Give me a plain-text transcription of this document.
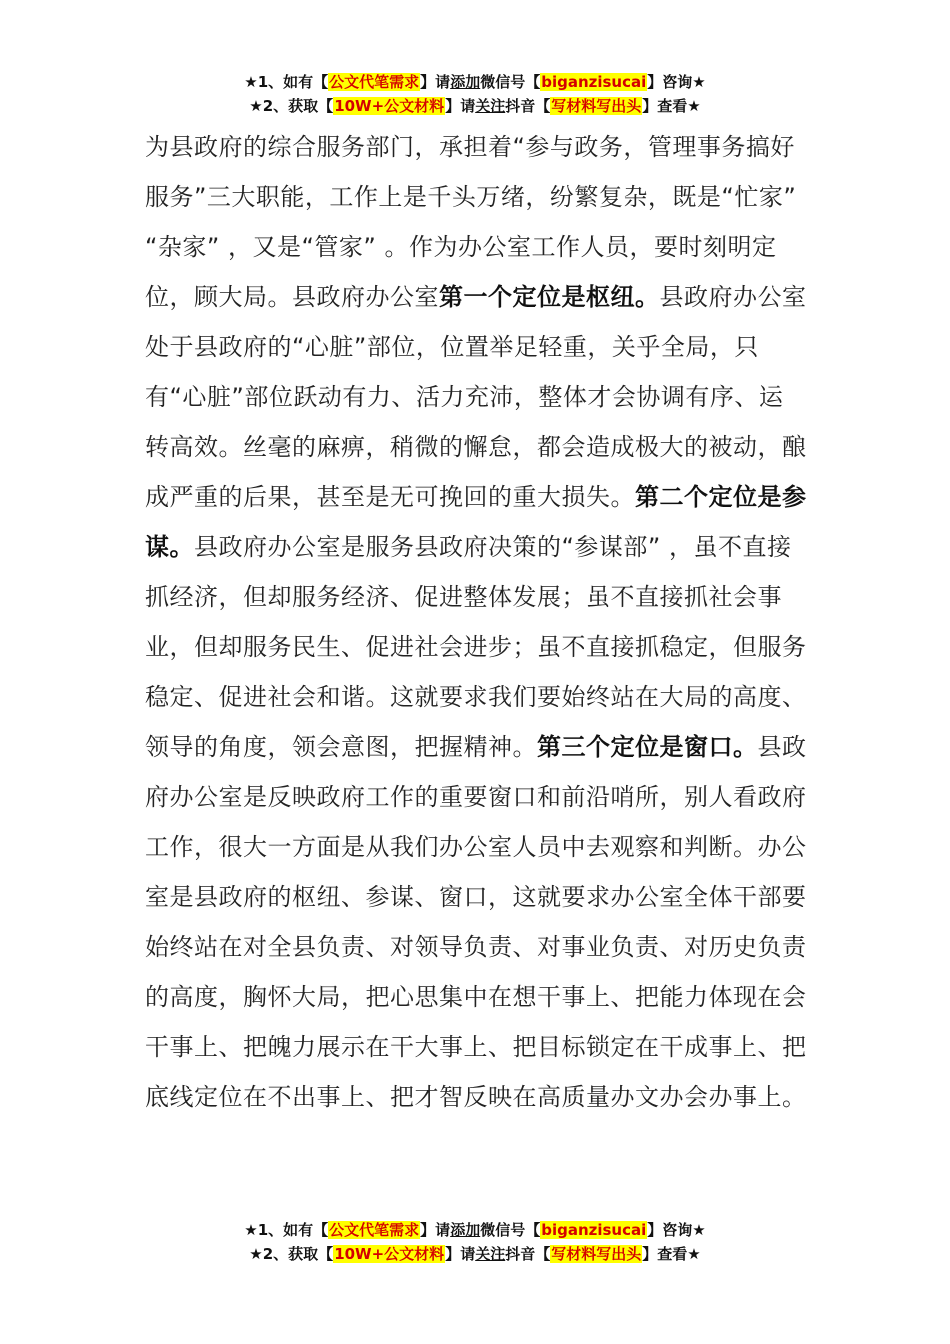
★1、如有【公文代笔需求】请添加微信号【biganzisucai】咨询★
★2、获取【10W+公文材料】请关注抖音【写材料写出头】查看★
为县政府的综合服务部门，承担着“参与政务，管理事务搞好服务”三大职能，工作上是千头万绪，纷繁复杂，既是“忙家” “杂家” ，又是“管家” 。作为办公室工作人员，要时刻明定位，顾大局。县政府办公室第一个定位是枢纽。县政府办公室处于县政府的“心脏”部位，位置举足轻重，关乎全局，只有“心脏”部位跃动有力、活力充沛，整体才会协调有序、运转高效。丝毫的麻痹，稍微的懈怠，都会造成极大的被动，酿成严重的后果，甚至是无可挽回的重大损失。第二个定位是参谋。县政府办公室是服务县政府决策的“参谋部” ，虽不直接抓经济，但却服务经济、促进整体发展；虽不直接抓社会事业，但却服务民生、促进社会进步；虽不直接抓稳定，但服务稳定、促进社会和谐。这就要求我们要始终站在大局的高度、领导的角度，领会意图，把握精神。第三个定位是窗口。县政府办公室是反映政府工作的重要窗口和前沿哨所，别人看政府工作，很大一方面是从我们办公室人员中去观察和判断。办公室是县政府的枢纽、参谋、窗口，这就要求办公室全体干部要始终站在对全县负责、对领导负责、对事业负责、对历史负责的高度，胸怀大局，把心思集中在想干事上、把能力体现在会干事上、把魄力展示在干大事上、把目标锁定在干成事上、把底线定位在不出事上、把才智反映在高质量办文办会办事上。
★1、如有【公文代笔需求】请添加微信号【biganzisucai】咨询★
★2、获取【10W+公文材料】请关注抖音【写材料写出头】查看★
